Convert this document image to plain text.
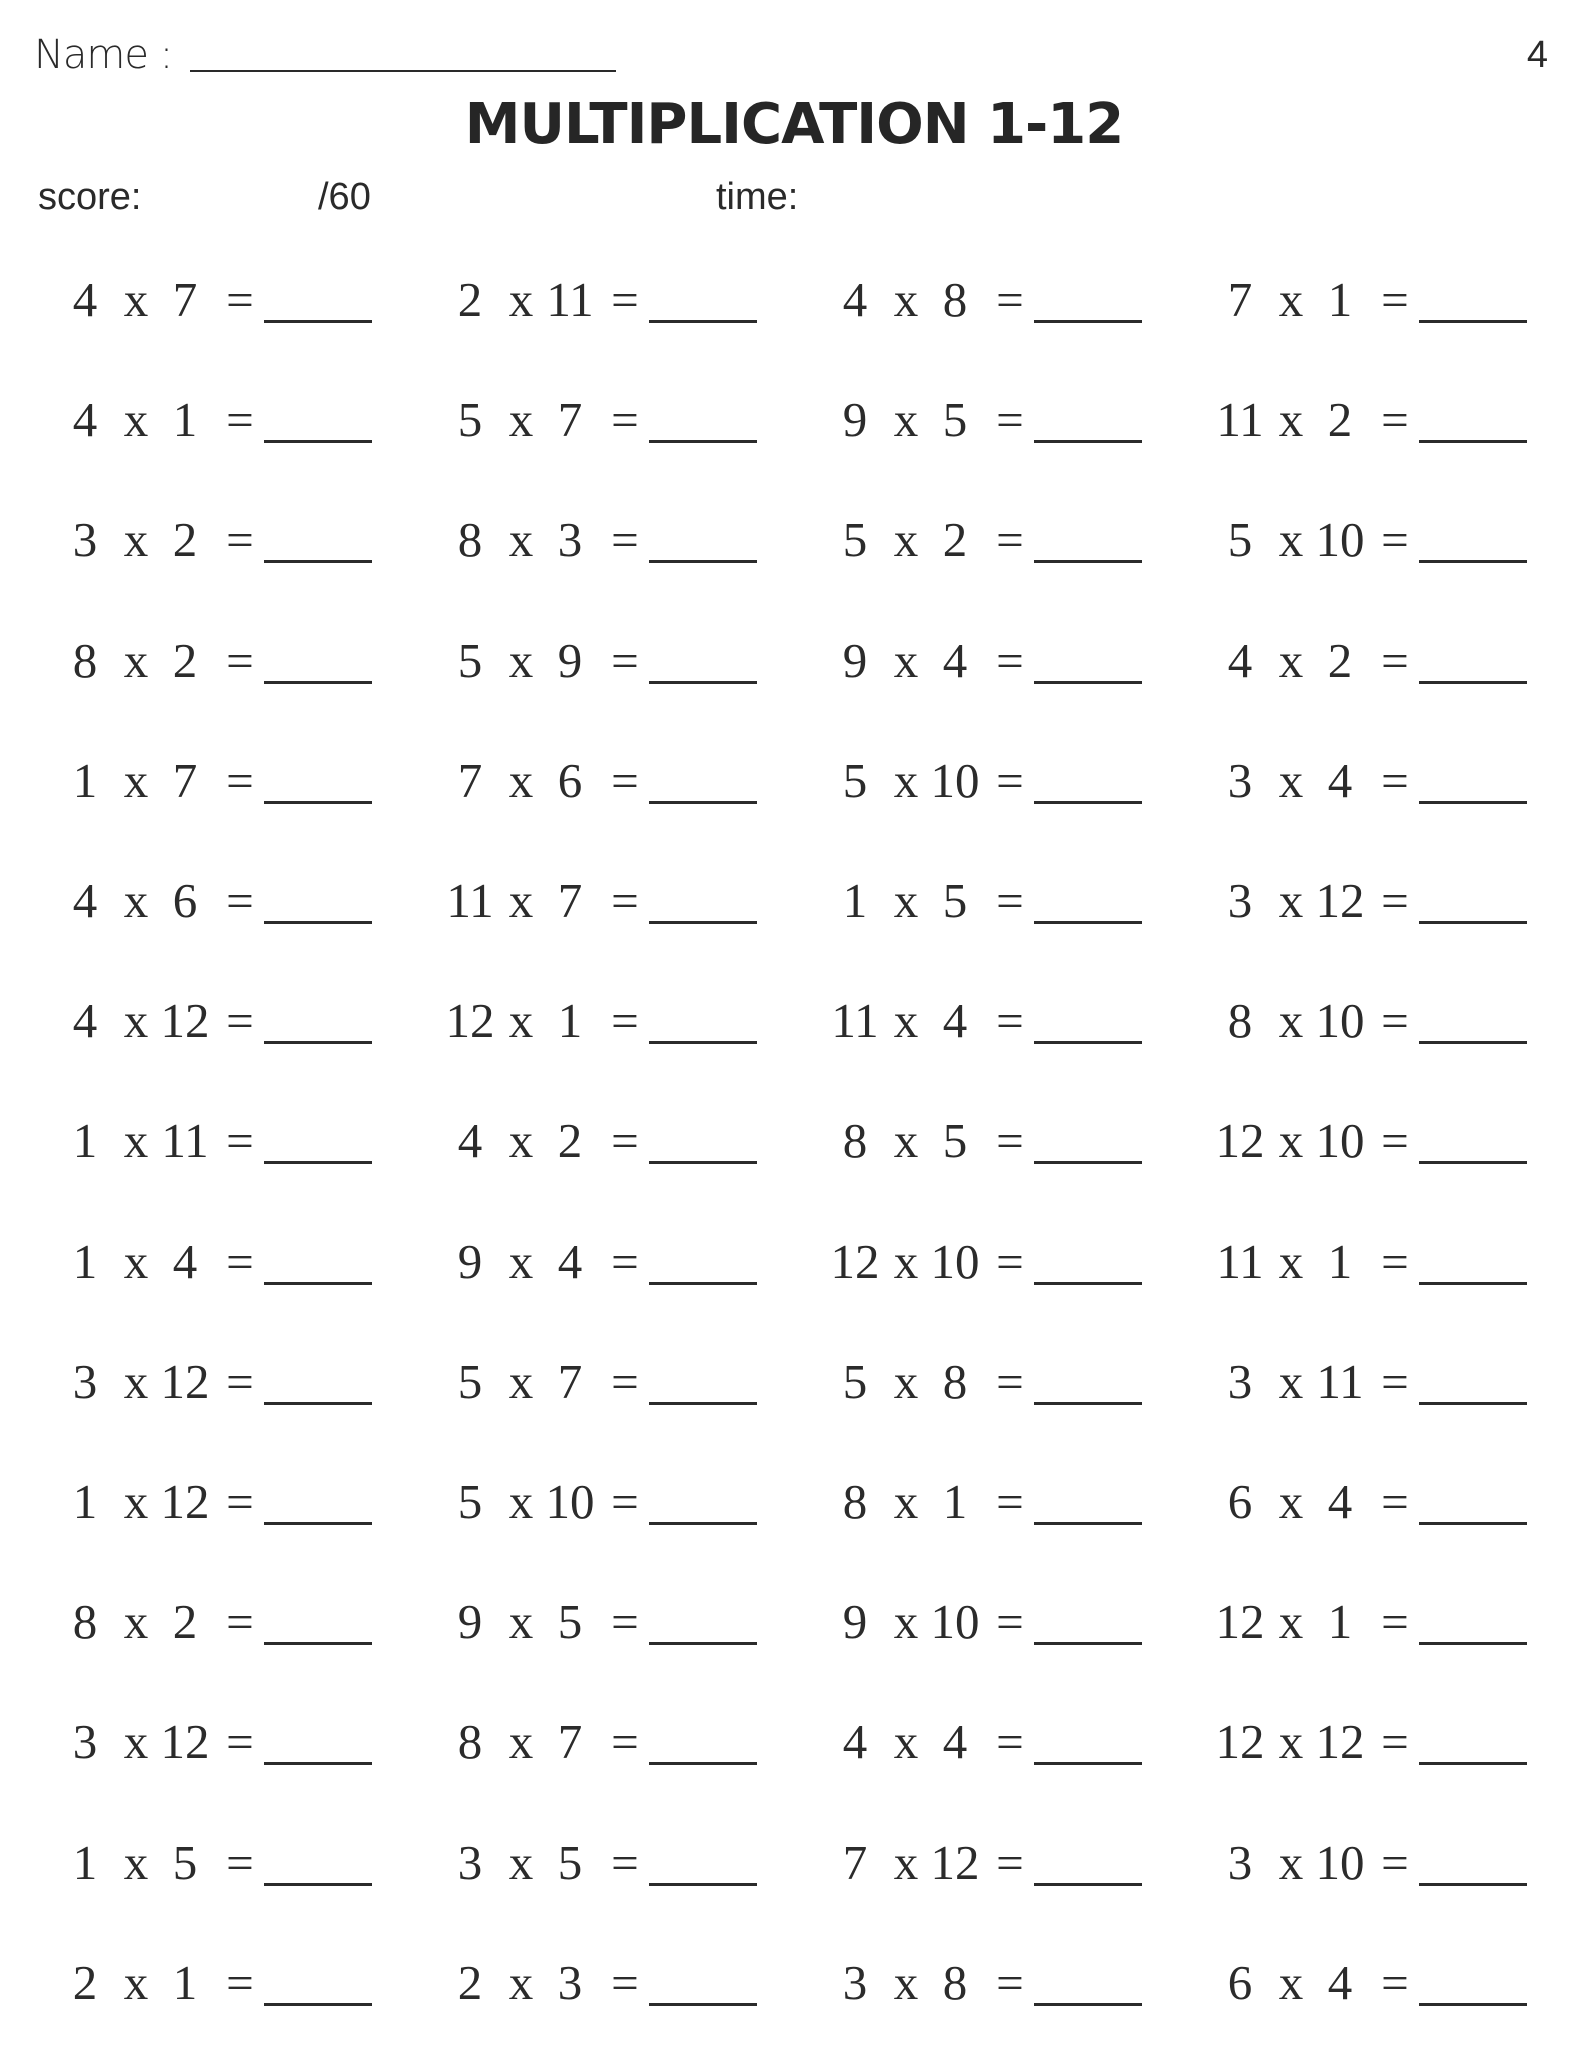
Name :	4
MULTIPLICATION 1-12
score:	/60	time:
4 x 7 =	2 x 11 =	4 x 8 =	7 x 1 =
4 x 1 =	5 x 7 =	9 x 5 =	11 x 2 =
3 x 2 =	8 x 3 =	5 x 2 =	5 x 10 =
8 x 2 =	5 x 9 =	9 x 4 =	4 x 2 =
1 x 7 =	7 x 6 =	5 x 10 =	3 x 4 =
4 x 6 =	11 x 7 =	1 x 5 =	3 x 12 =
4 x 12 =	12 x 1 =	11 x 4 =	8 x 10 =
1 x 11 =	4 x 2 =	8 x 5 =	12 x 10 =
1 x 4 =	9 x 4 =	12 x 10 =	11 x 1 =
3 x 12 =	5 x 7 =	5 x 8 =	3 x 11 =
1 x 12 =	5 x 10 =	8 x 1 =	6 x 4 =
8 x 2 =	9 x 5 =	9 x 10 =	12 x 1 =
3 x 12 =	8 x 7 =	4 x 4 =	12 x 12 =
1 x 5 =	3 x 5 =	7 x 12 =	3 x 10 =
2 x 1 =	2 x 3 =	3 x 8 =	6 x 4 =
